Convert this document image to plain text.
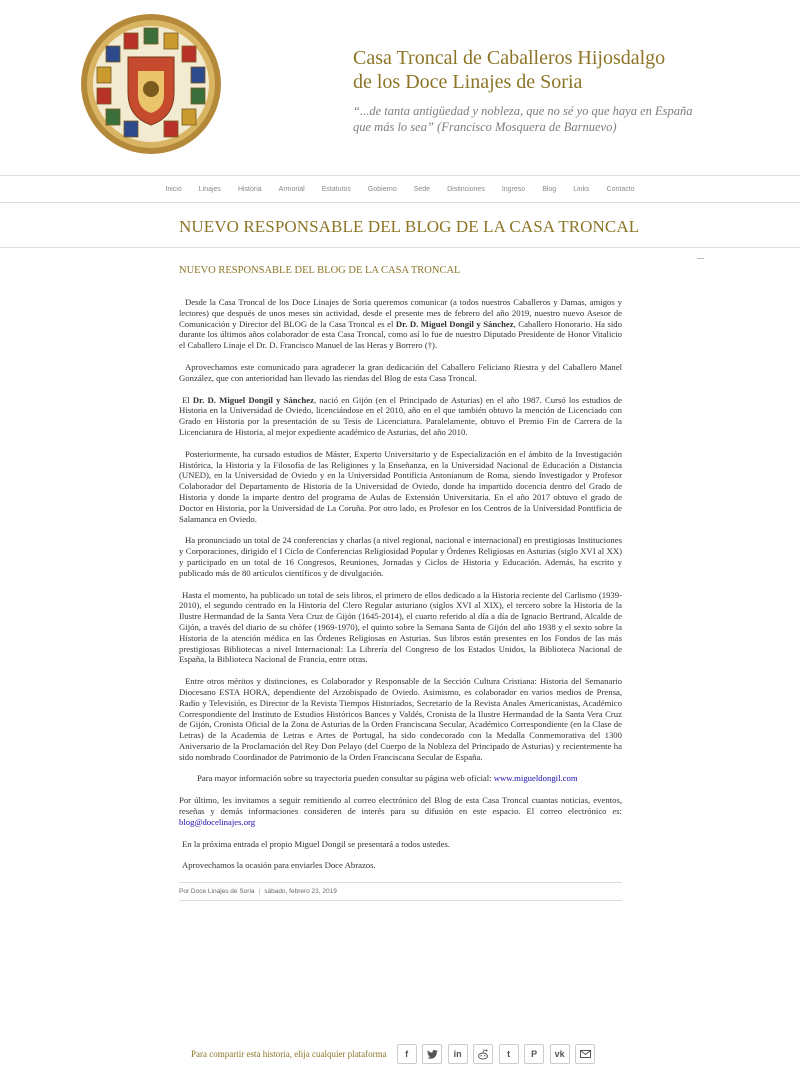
Casa Troncal de Caballeros Hijosdalgo
de los Doce Linajes de Soria

“...de tanta antigüedad y nobleza, que no sé yo que haya en España
que más lo sea” (Francisco Mosquera de Barnuevo)

Inicio	Linajes	Historia	Armorial	Estatutos	Gobierno	Sede	Distinciones	Ingreso	Blog	Links	Contacto
NUEVO RESPONSABLE DEL BLOG DE LA CASA TRONCAL
NUEVO RESPONSABLE DEL BLOG DE LA CASA TRONCAL

Desde la Casa Troncal de los Doce Linajes de Soria queremos comunicar (a todos nuestros Caballeros y Damas, amigos y lectores) que después de unos meses sin actividad, desde el presente mes de febrero del año 2019, nuestro nuevo Asesor de Comunicación y Director del BLOG de la Casa Troncal es el Dr. D. Miguel Dongil y Sánchez, Caballero Honorario. Ha sido durante los últimos años colaborador de esta Casa Troncal, como así lo fue de nuestro Diputado Presidente de Honor Vitalicio el Caballero Linaje el Dr. D. Francisco Manuel de las Heras y Borrero (†).

Aprovechamos este comunicado para agradecer la gran dedicación del Caballero Feliciano Riestra y del Caballero Manel González, que con anterioridad han llevado las riendas del Blog de esta Casa Troncal.

El Dr. D. Miguel Dongil y Sánchez, nació en Gijón (en el Principado de Asturias) en el año 1987. Cursó los estudios de Historia en la Universidad de Oviedo, licenciándose en el 2010, año en el que también obtuvo la mención de Licenciado con Grado en Historia por la presentación de su Tesis de Licenciatura. Paralelamente, obtuvo el Premio Fin de Carrera de la Licenciatura de Historia, al mejor expediente académico de Asturias, del año 2010.

Posteriormente, ha cursado estudios de Máster, Experto Universitario y de Especialización en el ámbito de la Investigación Histórica, la Historia y la Filosofía de las Religiones y la Enseñanza, en la Universidad Nacional de Educación a Distancia (UNED), en la Universidad de Oviedo y en la Universidad Pontificia Antonianum de Roma, siendo Investigador y Profesor Colaborador del Departamento de Historia de la Universidad de Oviedo, donde ha impartido docencia dentro del Grado de Historia y donde la imparte dentro del programa de Aulas de Extensión Universitaria. En el año 2017 obtuvo el grado de Doctor en Historia, por la Universidad de La Coruña. Por otro lado, es Profesor en los Centros de la Universidad Pontificia de Salamanca en Oviedo.

Ha pronunciado un total de 24 conferencias y charlas (a nivel regional, nacional e internacional) en prestigiosas Instituciones y Corporaciones, dirigido el I Ciclo de Conferencias Religiosidad Popular y Órdenes Religiosas en Asturias (siglo XVI al XX) y participado en un total de 16 Congresos, Reuniones, Jornadas y Ciclos de Historia y Educación. Además, ha escrito y publicado más de 80 artículos científicos y de divulgación.

Hasta el momento, ha publicado un total de seis libros, el primero de ellos dedicado a la Historia reciente del Carlismo (1939-2010), el segundo centrado en la Historia del Clero Regular asturiano (siglos XVI al XIX), el tercero sobre la Historia de la Ilustre Hermandad de la Santa Vera Cruz de Gijón (1645-2014), el cuarto referido al día a día de Ignacio Bertrand, Alcalde de Gijón, a través del diario de su chófer (1969-1970), el quinto sobre la Semana Santa de Gijón del año 1938 y el sexto sobre la Historia de la atención médica en las Órdenes Religiosas en Asturias. Sus libros están presentes en los Fondos de las más prestigiosas Bibliotecas a nivel Internacional: La Librería del Congreso de los Estados Unidos, la Biblioteca Nacional de España, la Biblioteca Nacional de Francia, entre otras.

Entre otros méritos y distinciones, es Colaborador y Responsable de la Sección Cultura Cristiana: Historia del Semanario Diocesano ESTA HORA, dependiente del Arzobispado de Oviedo. Asimismo, es colaborador en varios medios de Prensa, Radio y Televisión, es Director de la Revista Tiempos Historiados, Secretario de la Revista Anales Americanistas, Académico Correspondiente del Instituto de Estudios Históricos Bances y Valdés, Cronista de la Ilustre Hermandad de la Santa Vera Cruz de Gijón, Cronista Oficial de la Zona de Asturias de la Orden Franciscana Secular, Académico Correspondiente (en la Clase de Letras) de la Academia de Letras e Artes de Portugal, ha sido condecorado con la Medalla Conmemorativa del 1300 Aniversario de la Proclamación del Rey Don Pelayo (del Cuerpo de la Nobleza del Principado de Asturias) y recientemente ha sido nombrado Coordinador de Patrimonio de la Orden Franciscana Secular de España.

Para mayor información sobre su trayectoria pueden consultar su página web oficial: www.migueldongil.com

Por último, les invitamos a seguir remitiendo al correo electrónico del Blog de esta Casa Troncal cuantas noticias, eventos, reseñas y demás informaciones consideren de interés para su difusión en este espacio. El correo electrónico es: blog@docelinajes.org

En la próxima entrada el propio Miguel Dongil se presentará a todos ustedes.

Aprovechamos la ocasión para enviarles Doce Abrazos.

Por Doce Linajes de Soria | sábado, febrero 23, 2019
Para compartir esta historia, elija cualquier plataforma f	in	t P vk
